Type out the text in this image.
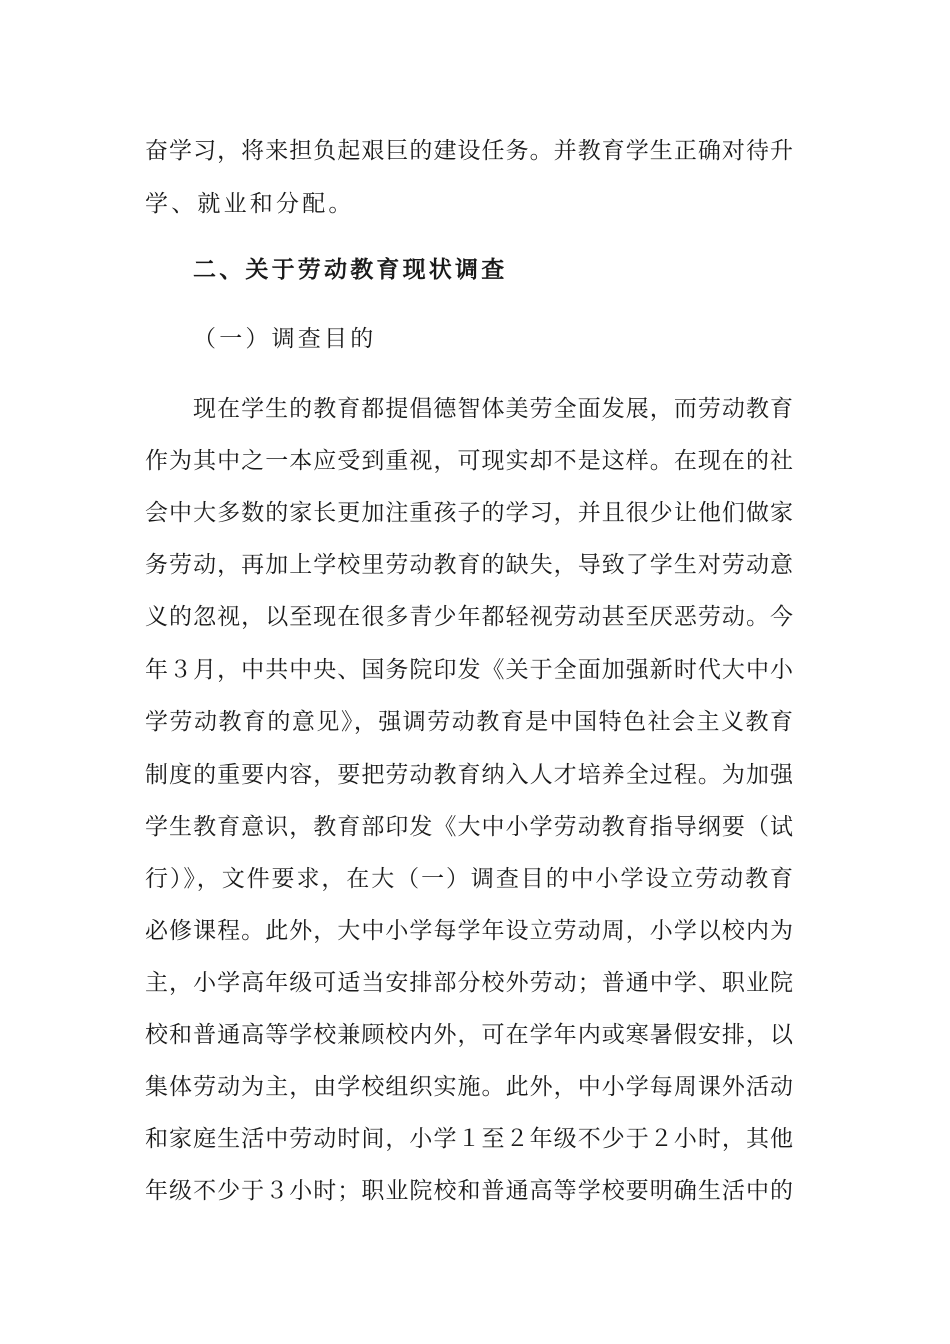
奋学习，将来担负起艰巨的建设任务。并教育学生正确对待升
学、就业和分配。
二、关于劳动教育现状调查
（一）调查目的
现在学生的教育都提倡德智体美劳全面发展，而劳动教育
作为其中之一本应受到重视，可现实却不是这样。在现在的社
会中大多数的家长更加注重孩子的学习，并且很少让他们做家
务劳动，再加上学校里劳动教育的缺失，导致了学生对劳动意
义的忽视，以至现在很多青少年都轻视劳动甚至厌恶劳动。今
年３月，中共中央、国务院印发《关于全面加强新时代大中小
学劳动教育的意见》，强调劳动教育是中国特色社会主义教育
制度的重要内容，要把劳动教育纳入人才培养全过程。为加强
学生教育意识，教育部印发《大中小学劳动教育指导纲要（试
行）》，文件要求，在大（一）调查目的中小学设立劳动教育
必修课程。此外，大中小学每学年设立劳动周，小学以校内为
主，小学高年级可适当安排部分校外劳动；普通中学、职业院
校和普通高等学校兼顾校内外，可在学年内或寒暑假安排，以
集体劳动为主，由学校组织实施。此外，中小学每周课外活动
和家庭生活中劳动时间，小学１至２年级不少于２小时，其他
年级不少于３小时；职业院校和普通高等学校要明确生活中的
